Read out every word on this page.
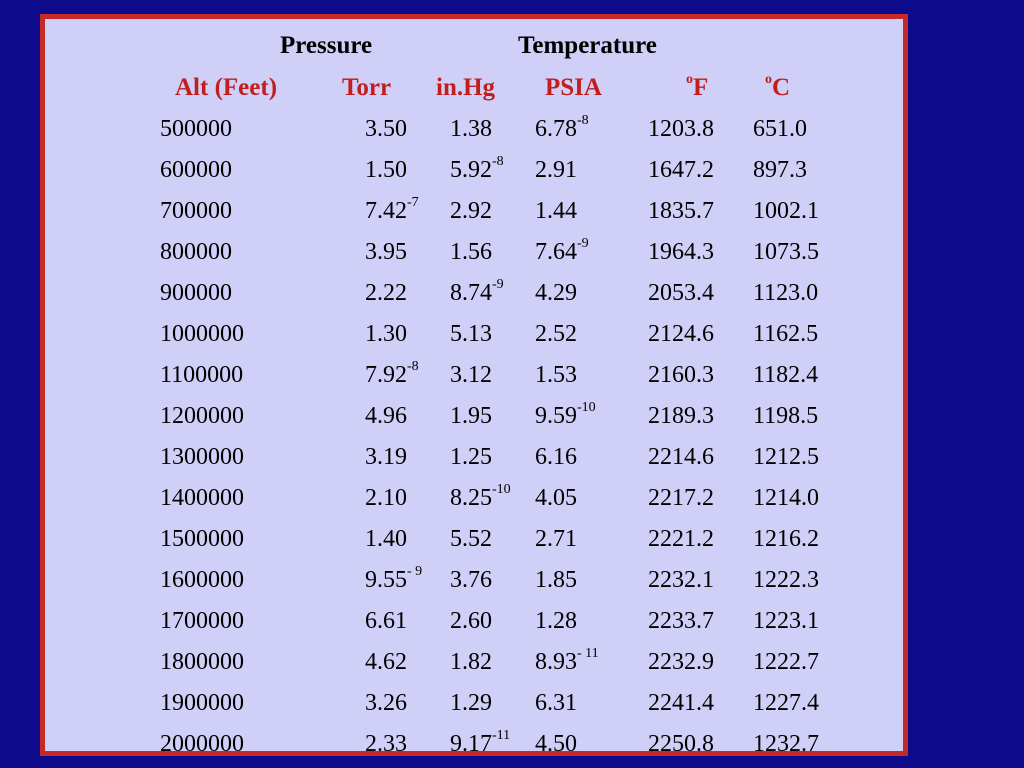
Pressure	Temperature
Alt (Feet)	Torr in.Hg PSIA	$^o$F	$^o$C
500000	3.50 1.38 $6.78^{-8}$ 1203.8 651.0
600000	1.50 $5.92^{-8}$ 2.91	1647.2 897.3
700000	$7.42^{-7}$ 2.92 1.44	1835.7 1002.1
800000	3.95 1.56 $7.64^{-9}$ 1964.3 1073.5
900000	2.22 $8.74^{-9}$ 4.29	2053.4 1123.0
1000000	1.30 5.13 2.52	2124.6 1162.5
1100000	$7.92^{-8}$ 3.12 1.53	2160.3 1182.4
1200000	4.96 1.95 $9.59^{-10}$ 2189.3 1198.5
1300000	3.19 1.25 6.16	2214.6 1212.5
1400000	2.10 $8.25^{-10}$ 4.05	2217.2 1214.0
1500000	1.40 5.52 2.71	2221.2 1216.2
1600000	$9.55^{- 9}$ 3.76 1.85	2232.1 1222.3
1700000	6.61 2.60 1.28	2233.7 1223.1
1800000	4.62 1.82 $8.93^{- 11}$ 2232.9 1222.7
1900000	3.26 1.29 6.31	2241.4 1227.4
2000000	2.33 $9.17^{-11}$ 4.50	2250.8 1232.7
